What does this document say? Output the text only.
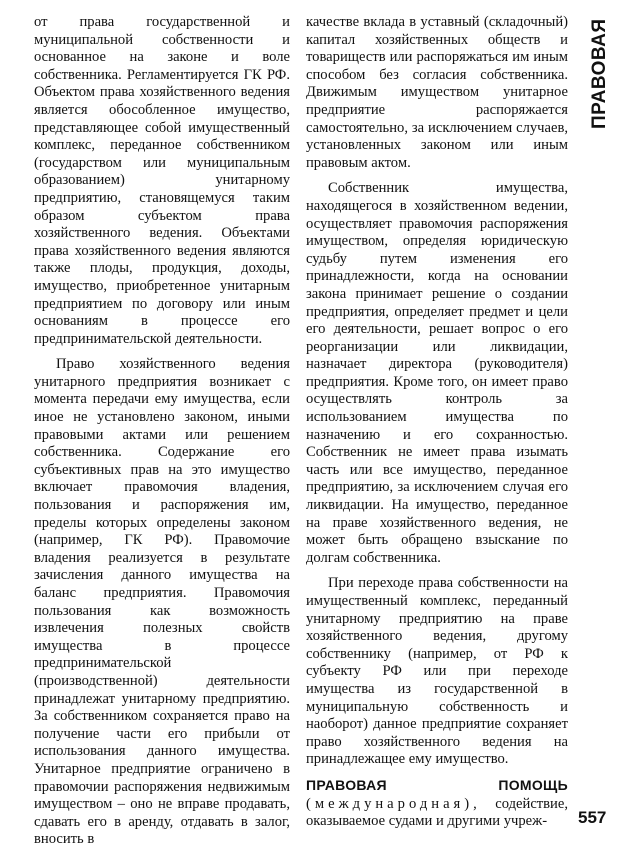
ПРАВОВАЯ

от права государственной и муниципальной собственности и основанное на законе и воле собственника. Регламентируется ГК РФ. Объектом права хозяйственного ведения является обособленное имущество, представляющее собой имущественный комплекс, переданное собственником (государством или муниципальным образованием) унитарному предприятию, становящемуся таким образом субъектом права хозяйственного ведения. Объектами права хозяйственного ведения являются также плоды, продукция, доходы, имущество, приобретенное унитарным предприятием по договору или иным основаниям в процессе его предпринимательской деятельности.

Право хозяйственного ведения унитарного предприятия возникает с момента передачи ему имущества, если иное не установлено законом, иными правовыми актами или решением собственника. Содержание его субъективных прав на это имущество включает правомочия владения, пользования и распоряжения им, пределы которых определены законом (например, ГК РФ). Правомочие владения реализуется в результате зачисления данного имущества на баланс предприятия. Правомочия пользования как возможность извлечения полезных свойств имущества в процессе предпринимательской (производственной) деятельности принадлежат унитарному предприятию. За собственником сохраняется право на получение части его прибыли от использования данного имущества. Унитарное предприятие ограничено в правомочии распоряжения недвижимым имуществом – оно не вправе продавать, сдавать его в аренду, отдавать в залог, вносить в

качестве вклада в уставный (складочный) капитал хозяйственных обществ и товариществ или распоряжаться им иным способом без согласия собственника. Движимым имуществом унитарное предприятие распоряжается самостоятельно, за исключением случаев, установленных законом или иным правовым актом.

Собственник имущества, находящегося в хозяйственном ведении, осуществляет правомочия распоряжения имуществом, определяя юридическую судьбу путем изменения его принадлежности, когда на основании закона принимает решение о создании предприятия, определяет предмет и цели его деятельности, решает вопрос о его реорганизации или ликвидации, назначает директора (руководителя) предприятия. Кроме того, он имеет право осуществлять контроль за использованием имущества по назначению и его сохранностью. Собственник не имеет права изымать часть или все имущество, переданное предприятию, за исключением случая его ликвидации. На имущество, переданное на праве хозяйственного ведения, не может быть обращено взыскание по долгам собственника.

При переходе права собственности на имущественный комплекс, переданный унитарному предприятию на праве хозяйственного ведения, другому собственнику (например, от РФ к субъекту РФ или при переходе имущества из государственной в муниципальную собственность и наоборот) данное предприятие сохраняет право хозяйственного ведения на принадлежащее ему имущество.

ПРАВОВАЯ ПОМОЩЬ (международная), содействие, оказываемое судами и другими учреж-	557
